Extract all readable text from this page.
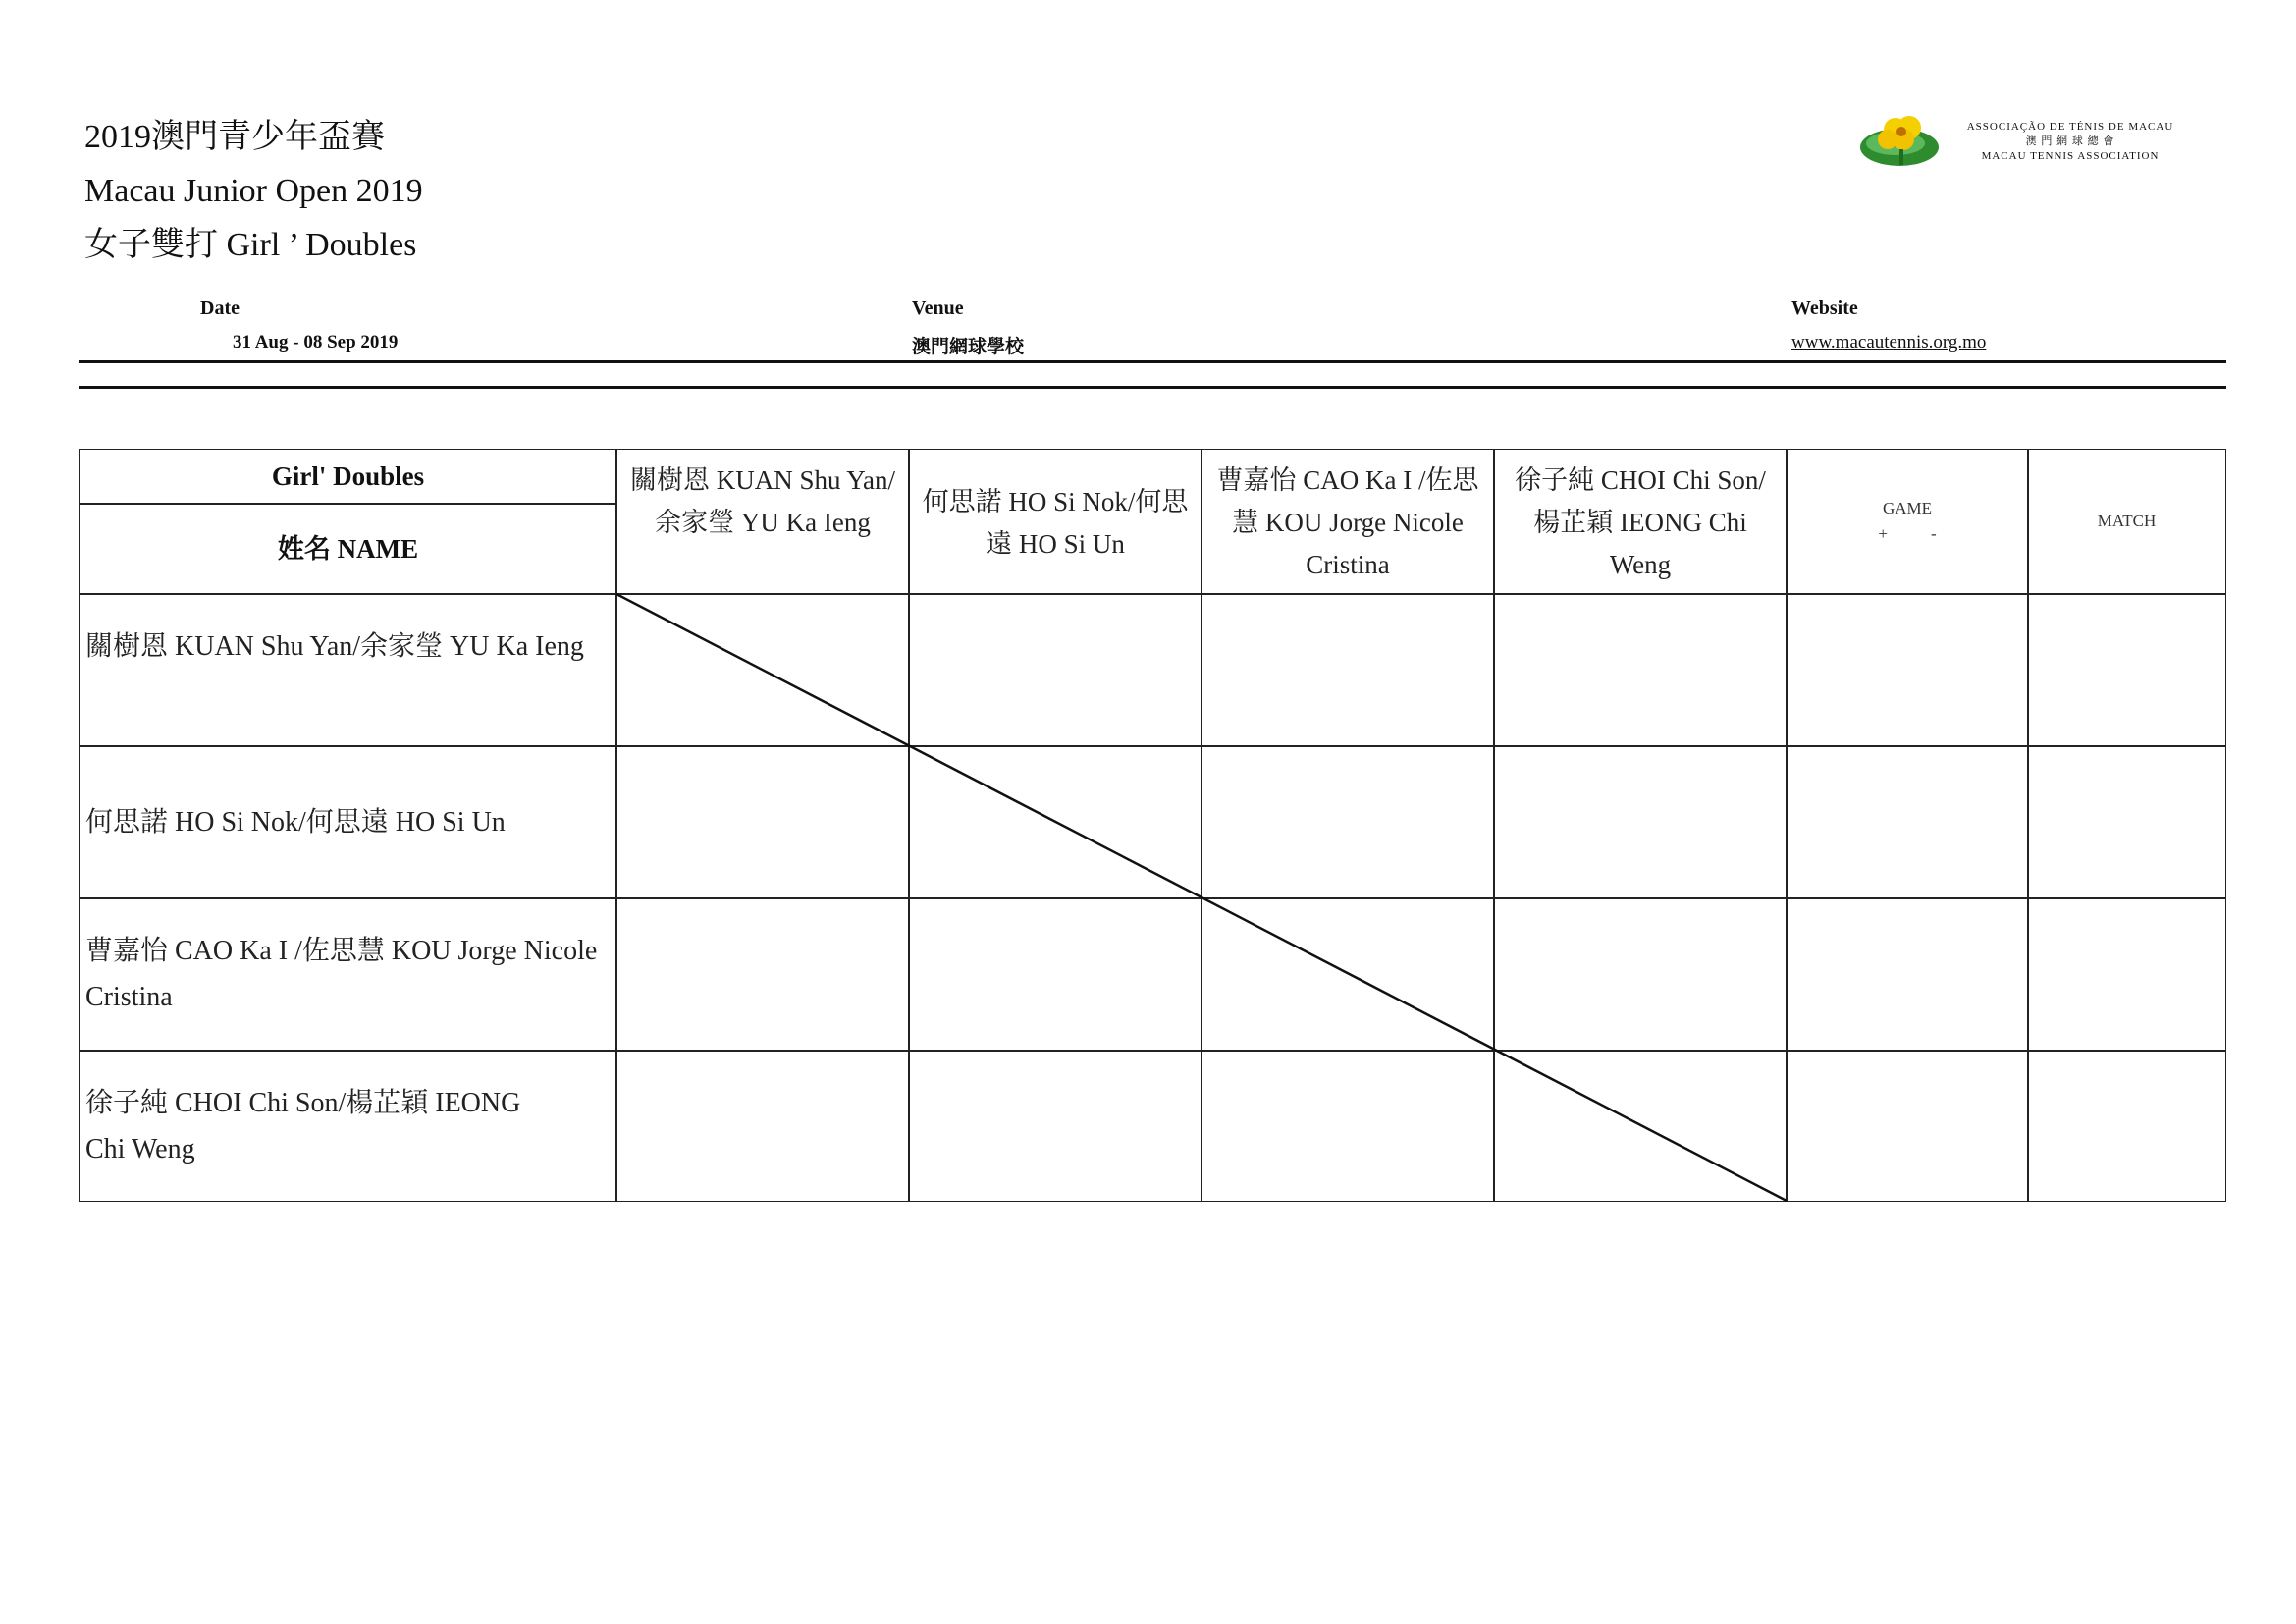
2019澳門青少年盃賽
Macau Junior Open 2019
女子雙打 Girl ’ Doubles
ASSOCIAÇÃO DE TÉNIS DE MACAU
澳 門 網 球 總 會
MACAU TENNIS ASSOCIATION
Date
31 Aug - 08 Sep 2019
Venue
澳門網球學校
Website
www.macautennis.org.mo
Girl' Doubles
姓名 NAME
關樹恩 KUAN Shu Yan/余家瑩 YU Ka Ieng
何思諾 HO Si Nok/何思遠 HO Si Un
曹嘉怡 CAO Ka I /佐思慧 KOU Jorge Nicole Cristina
徐子純 CHOI Chi Son/楊芷穎 IEONG Chi Weng
GAME
+	-
MATCH
關樹恩 KUAN Shu Yan/余家瑩 YU Ka Ieng
何思諾 HO Si Nok/何思遠 HO Si Un
曹嘉怡 CAO Ka I /佐思慧 KOU Jorge Nicole Cristina
徐子純 CHOI Chi Son/楊芷穎 IEONG Chi Weng
